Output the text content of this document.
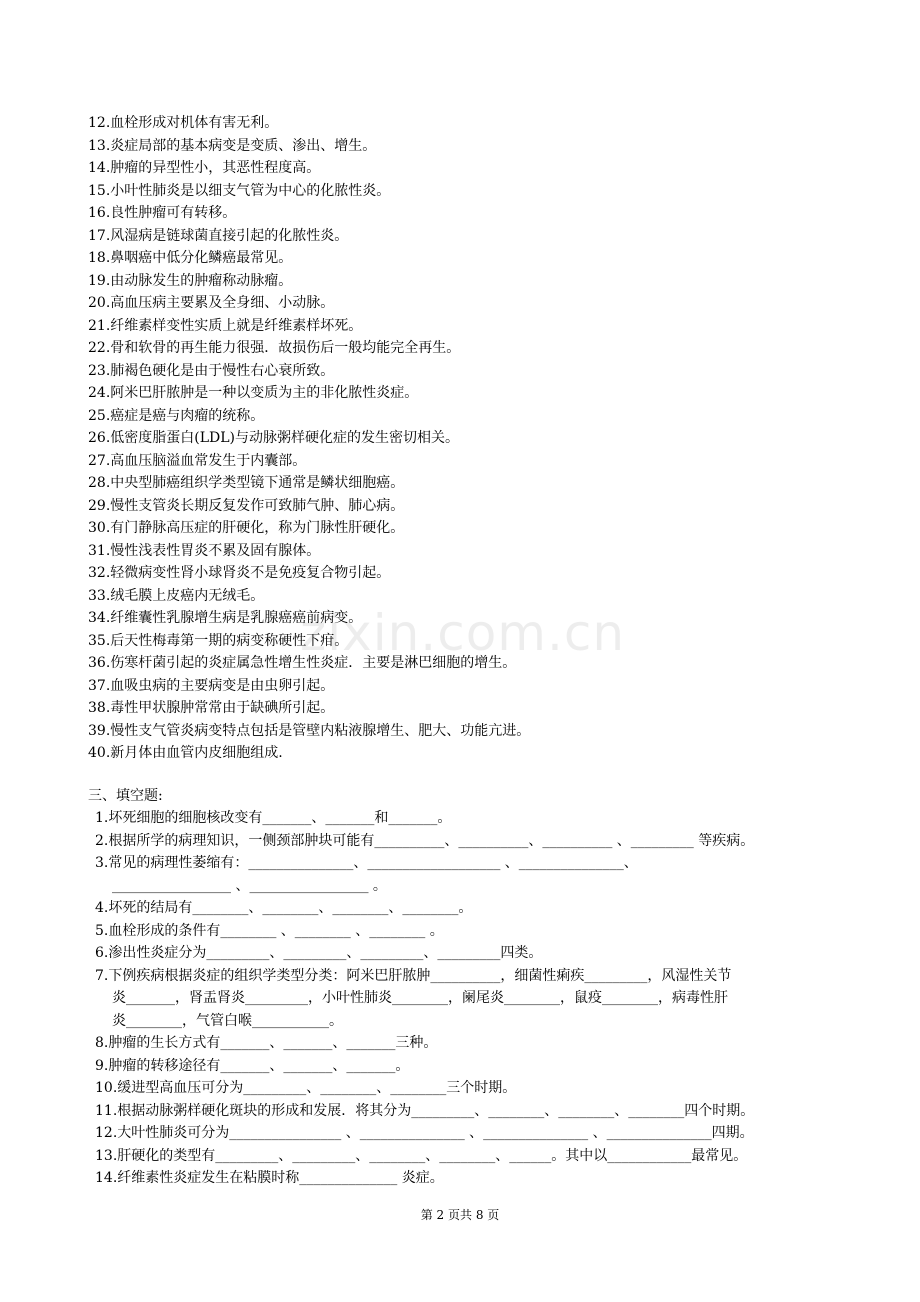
12.血栓形成对机体有害无利。
13.炎症局部的基本病变是变质、渗出、增生。
14.肿瘤的异型性小，其恶性程度高。
15.小叶性肺炎是以细支气管为中心的化脓性炎。
16.良性肿瘤可有转移。
17.风湿病是链球菌直接引起的化脓性炎。
18.鼻咽癌中低分化鳞癌最常见。
19.由动脉发生的肿瘤称动脉瘤。
20.高血压病主要累及全身细、小动脉。
21.纤维素样变性实质上就是纤维素样坏死。
22.骨和软骨的再生能力很强．故损伤后一般均能完全再生。
23.肺褐色硬化是由于慢性右心衰所致。
24.阿米巴肝脓肿是一种以变质为主的非化脓性炎症。
25.癌症是癌与肉瘤的统称。
26.低密度脂蛋白(LDL)与动脉粥样硬化症的发生密切相关。
27.高血压脑溢血常发生于内囊部。
28.中央型肺癌组织学类型镜下通常是鳞状细胞癌。
29.慢性支管炎长期反复发作可致肺气肿、肺心病。
30.有门静脉高压症的肝硬化，称为门脉性肝硬化。
31.慢性浅表性胃炎不累及固有腺体。
32.轻微病变性肾小球肾炎不是免疫复合物引起。
33.绒毛膜上皮癌内无绒毛。
34.纤维囊性乳腺增生病是乳腺癌癌前病变。
35.后天性梅毒第一期的病变称硬性下疳。
36.伤寒杆菌引起的炎症属急性增生性炎症．主要是淋巴细胞的增生。
37.血吸虫病的主要病变是由虫卵引起。
38.毒性甲状腺肿常常由于缺碘所引起。
39.慢性支气管炎病变特点包括是管壁内粘液腺增生、肥大、功能亢进。
40.新月体由血管内皮细胞组成.
三、填空题:
1.坏死细胞的细胞核改变有_______、_______和_______。
2.根据所学的病理知识，一侧颈部肿块可能有__________、__________、__________ 、_________ 等疾病。
3.常见的病理性萎缩有：_______________、___________________ 、_______________、
_________________ 、_________________ 。
4.坏死的结局有________、________、________、________。
5.血栓形成的条件有________ 、________ 、________ 。
6.渗出性炎症分为_________、_________、_________、_________四类。
7.下例疾病根据炎症的组织学类型分类：阿米巴肝脓肿__________，细菌性痢疾_________，风湿性关节
炎_______，肾盂肾炎_________，小叶性肺炎________，阑尾炎________，鼠疫________，病毒性肝
炎________，气管白喉___________。
8.肿瘤的生长方式有_______、_______、_______三种。
9.肿瘤的转移途径有_______、_______、_______。
10.缓进型高血压可分为_________、________、________三个时期。
11.根据动脉粥样硬化斑块的形成和发展．将其分为_________、________、________、________四个时期。
12.大叶性肺炎可分为________________ 、_______________ 、_______________ 、_______________四期。
13.肝硬化的类型有_________、_________、________、________、______。其中以____________最常见。
14.纤维素性炎症发生在粘膜时称______________ 炎症。
zixin.com.cn
第 2 页共 8 页
